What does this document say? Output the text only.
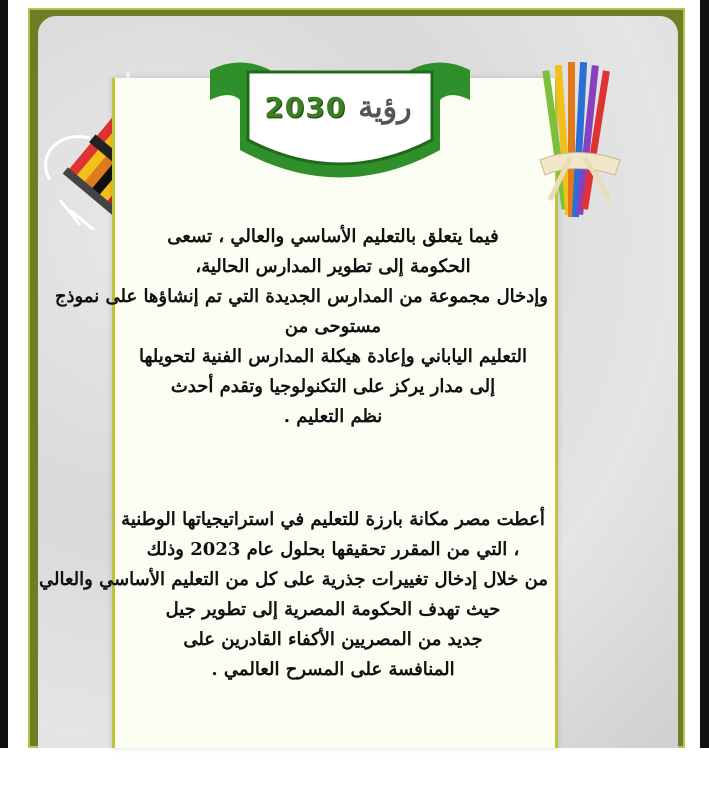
2030 رؤية
فيما يتعلق بالتعليم الأساسي والعالي ، تسعى
الحكومة إلى تطوير المدارس الحالية،
وإدخال مجموعة من المدارس الجديدة التي تم إنشاؤها على نموذج
مستوحى من
التعليم الياباني وإعادة هيكلة المدارس الفنية لتحويلها
إلى مدار يركز على التكنولوجيا وتقدم أحدث
نظم التعليم .
أعطت مصر مكانة بارزة للتعليم في استراتيجياتها الوطنية
، التي من المقرر تحقيقها بحلول عام 2023 وذلك
من خلال إدخال تغييرات جذرية على كل من التعليم الأساسي والعالي
حيث تهدف الحكومة المصرية إلى تطوير جيل
جديد من المصريين الأكفاء القادرين على
المنافسة على المسرح العالمي .
